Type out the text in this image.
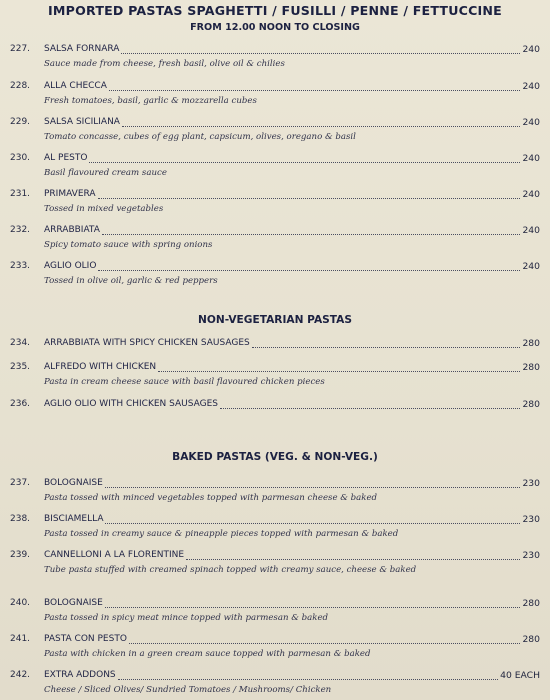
IMPORTED PASTAS SPAGHETTI / FUSILLI / PENNE / FETTUCCINE
FROM 12.00 NOON TO CLOSING
NON-VEGETARIAN PASTAS
BAKED PASTAS (VEG. & NON-VEG.)
227. SALSA FORNARA	240
Sauce made from cheese, fresh basil, olive oil & chilies
228. ALLA CHECCA	240
Fresh tomatoes, basil, garlic & mozzarella cubes
229. SALSA SICILIANA	240
Tomato concasse, cubes of egg plant, capsicum, olives, oregano & basil
230. AL PESTO	240
Basil flavoured cream sauce
231. PRIMAVERA	240
Tossed in mixed vegetables
232. ARRABBIATA	240
Spicy tomato sauce with spring onions
233. AGLIO OLIO	240
Tossed in olive oil, garlic & red peppers
234. ARRABBIATA WITH SPICY CHICKEN SAUSAGES	280
235. ALFREDO WITH CHICKEN	280
Pasta in cream cheese sauce with basil flavoured chicken pieces
236. AGLIO OLIO WITH CHICKEN SAUSAGES	280
237. BOLOGNAISE	230
Pasta tossed with minced vegetables topped with parmesan cheese & baked
238. BISCIAMELLA	230
Pasta tossed in creamy sauce & pineapple pieces topped with parmesan & baked
239. CANNELLONI A LA FLORENTINE	230
Tube pasta stuffed with creamed spinach topped with creamy sauce, cheese & baked
240. BOLOGNAISE	280
Pasta tossed in spicy meat mince topped with parmesan & baked
241. PASTA CON PESTO	280
Pasta with chicken in a green cream sauce topped with parmesan & baked
242. EXTRA ADDONS	40 EACH
Cheese / Sliced Olives/ Sundried Tomatoes / Mushrooms/ Chicken
